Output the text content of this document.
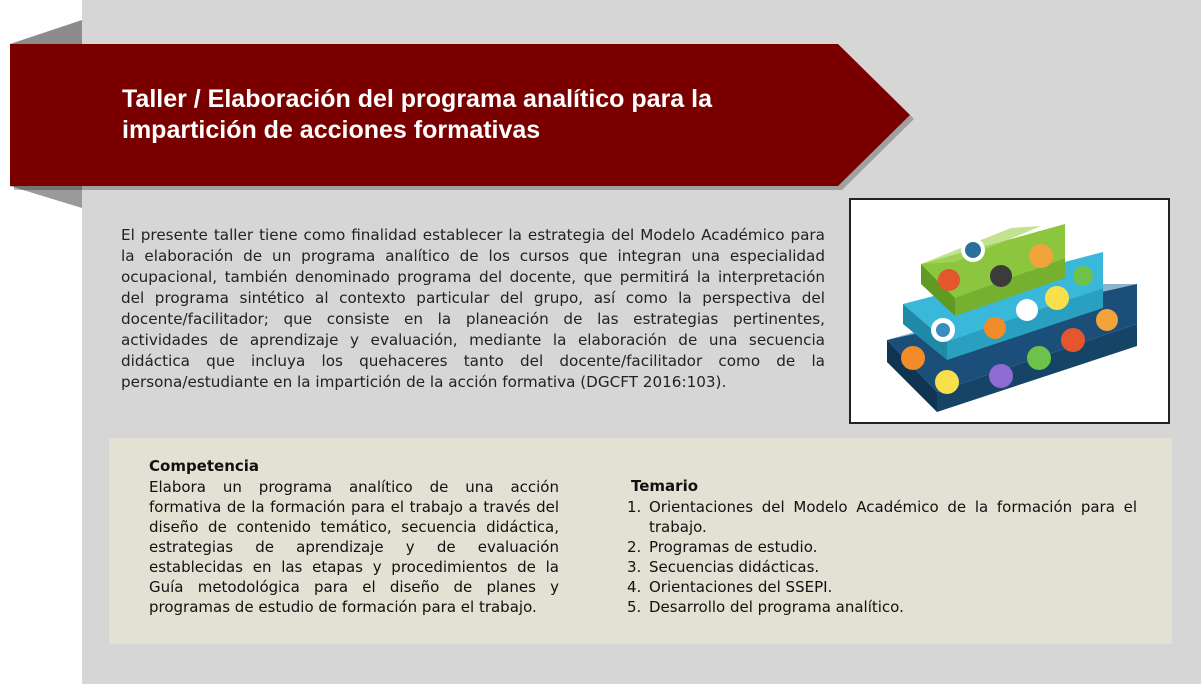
Taller / Elaboración del programa analítico para la impartición de acciones formativas
El presente taller tiene como finalidad establecer la estrategia del Modelo Académico para la elaboración de un programa analítico de los cursos que integran una especialidad ocupacional, también denominado programa del docente, que permitirá la interpretación del programa sintético al contexto particular del grupo, así como la perspectiva del docente/facilitador; que consiste en la planeación de las estrategias pertinentes, actividades de aprendizaje y evaluación, mediante la elaboración de una secuencia didáctica que incluya los quehaceres tanto del docente/facilitador como de la persona/estudiante en la impartición de la acción formativa (DGCFT 2016:103).
Competencia
Elabora un programa analítico de una acción formativa de la formación para el trabajo a través del diseño de contenido temático, secuencia didáctica, estrategias de aprendizaje y de evaluación establecidas en las etapas y procedimientos de la Guía metodológica para el diseño de planes y programas de estudio de formación para el trabajo.
Temario
1. Orientaciones del Modelo Académico de la formación para el trabajo.
2. Programas de estudio.
3. Secuencias didácticas.
4. Orientaciones del SSEPI.
5. Desarrollo del programa analítico.
